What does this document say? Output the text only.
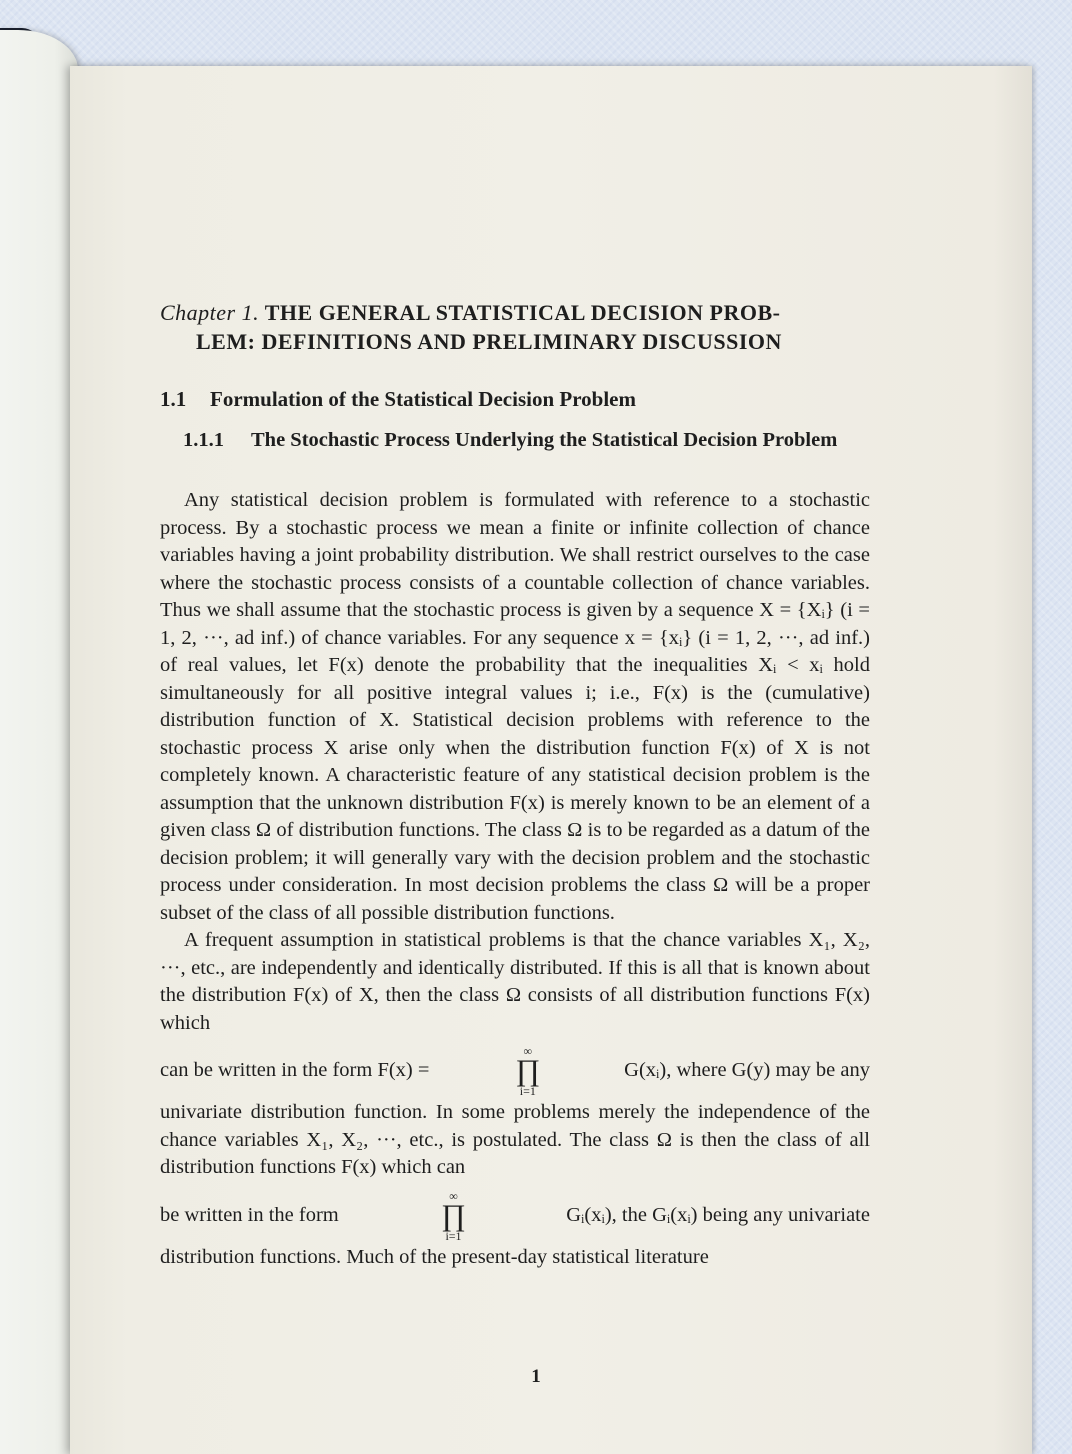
Chapter 1. THE GENERAL STATISTICAL DECISION PROB-
LEM: DEFINITIONS AND PRELIMINARY DISCUSSION
1.1 Formulation of the Statistical Decision Problem
1.1.1	The Stochastic Process Underlying the Statistical Decision Problem

Any statistical decision problem is formulated with reference to a stochastic process. By a stochastic process we mean a finite or infinite collection of chance variables having a joint probability distribution. We shall restrict ourselves to the case where the stochastic process consists of a countable collection of chance variables. Thus we shall assume that the stochastic process is given by a sequence X = {Xᵢ} (i = 1, 2, ···, ad inf.) of chance variables. For any sequence x = {xᵢ} (i = 1, 2, ···, ad inf.) of real values, let F(x) denote the probability that the inequalities Xᵢ < xᵢ hold simultaneously for all positive integral values i; i.e., F(x) is the (cumulative) distribution function of X. Statistical decision problems with reference to the stochastic process X arise only when the distribution function F(x) of X is not completely known. A characteristic feature of any statistical decision problem is the assumption that the unknown distribution F(x) is merely known to be an element of a given class Ω of distribution functions. The class Ω is to be regarded as a datum of the decision problem; it will generally vary with the decision problem and the stochastic process under consideration. In most decision problems the class Ω will be a proper subset of the class of all possible distribution functions.

A frequent assumption in statistical problems is that the chance variables X₁, X₂, ···, etc., are independently and identically distributed. If this is all that is known about the distribution F(x) of X, then the class Ω consists of all distribution functions F(x) which

can be written in the form F(x) =
∞
∏
i=1
G(xᵢ), where G(y) may be any

univariate distribution function. In some problems merely the independence of the chance variables X₁, X₂, ···, etc., is postulated. The class Ω is then the class of all distribution functions F(x) which can

be written in the form
∞
∏
i=1
Gᵢ(xᵢ), the Gᵢ(xᵢ) being any univariate

distribution functions. Much of the present-day statistical literature

1
